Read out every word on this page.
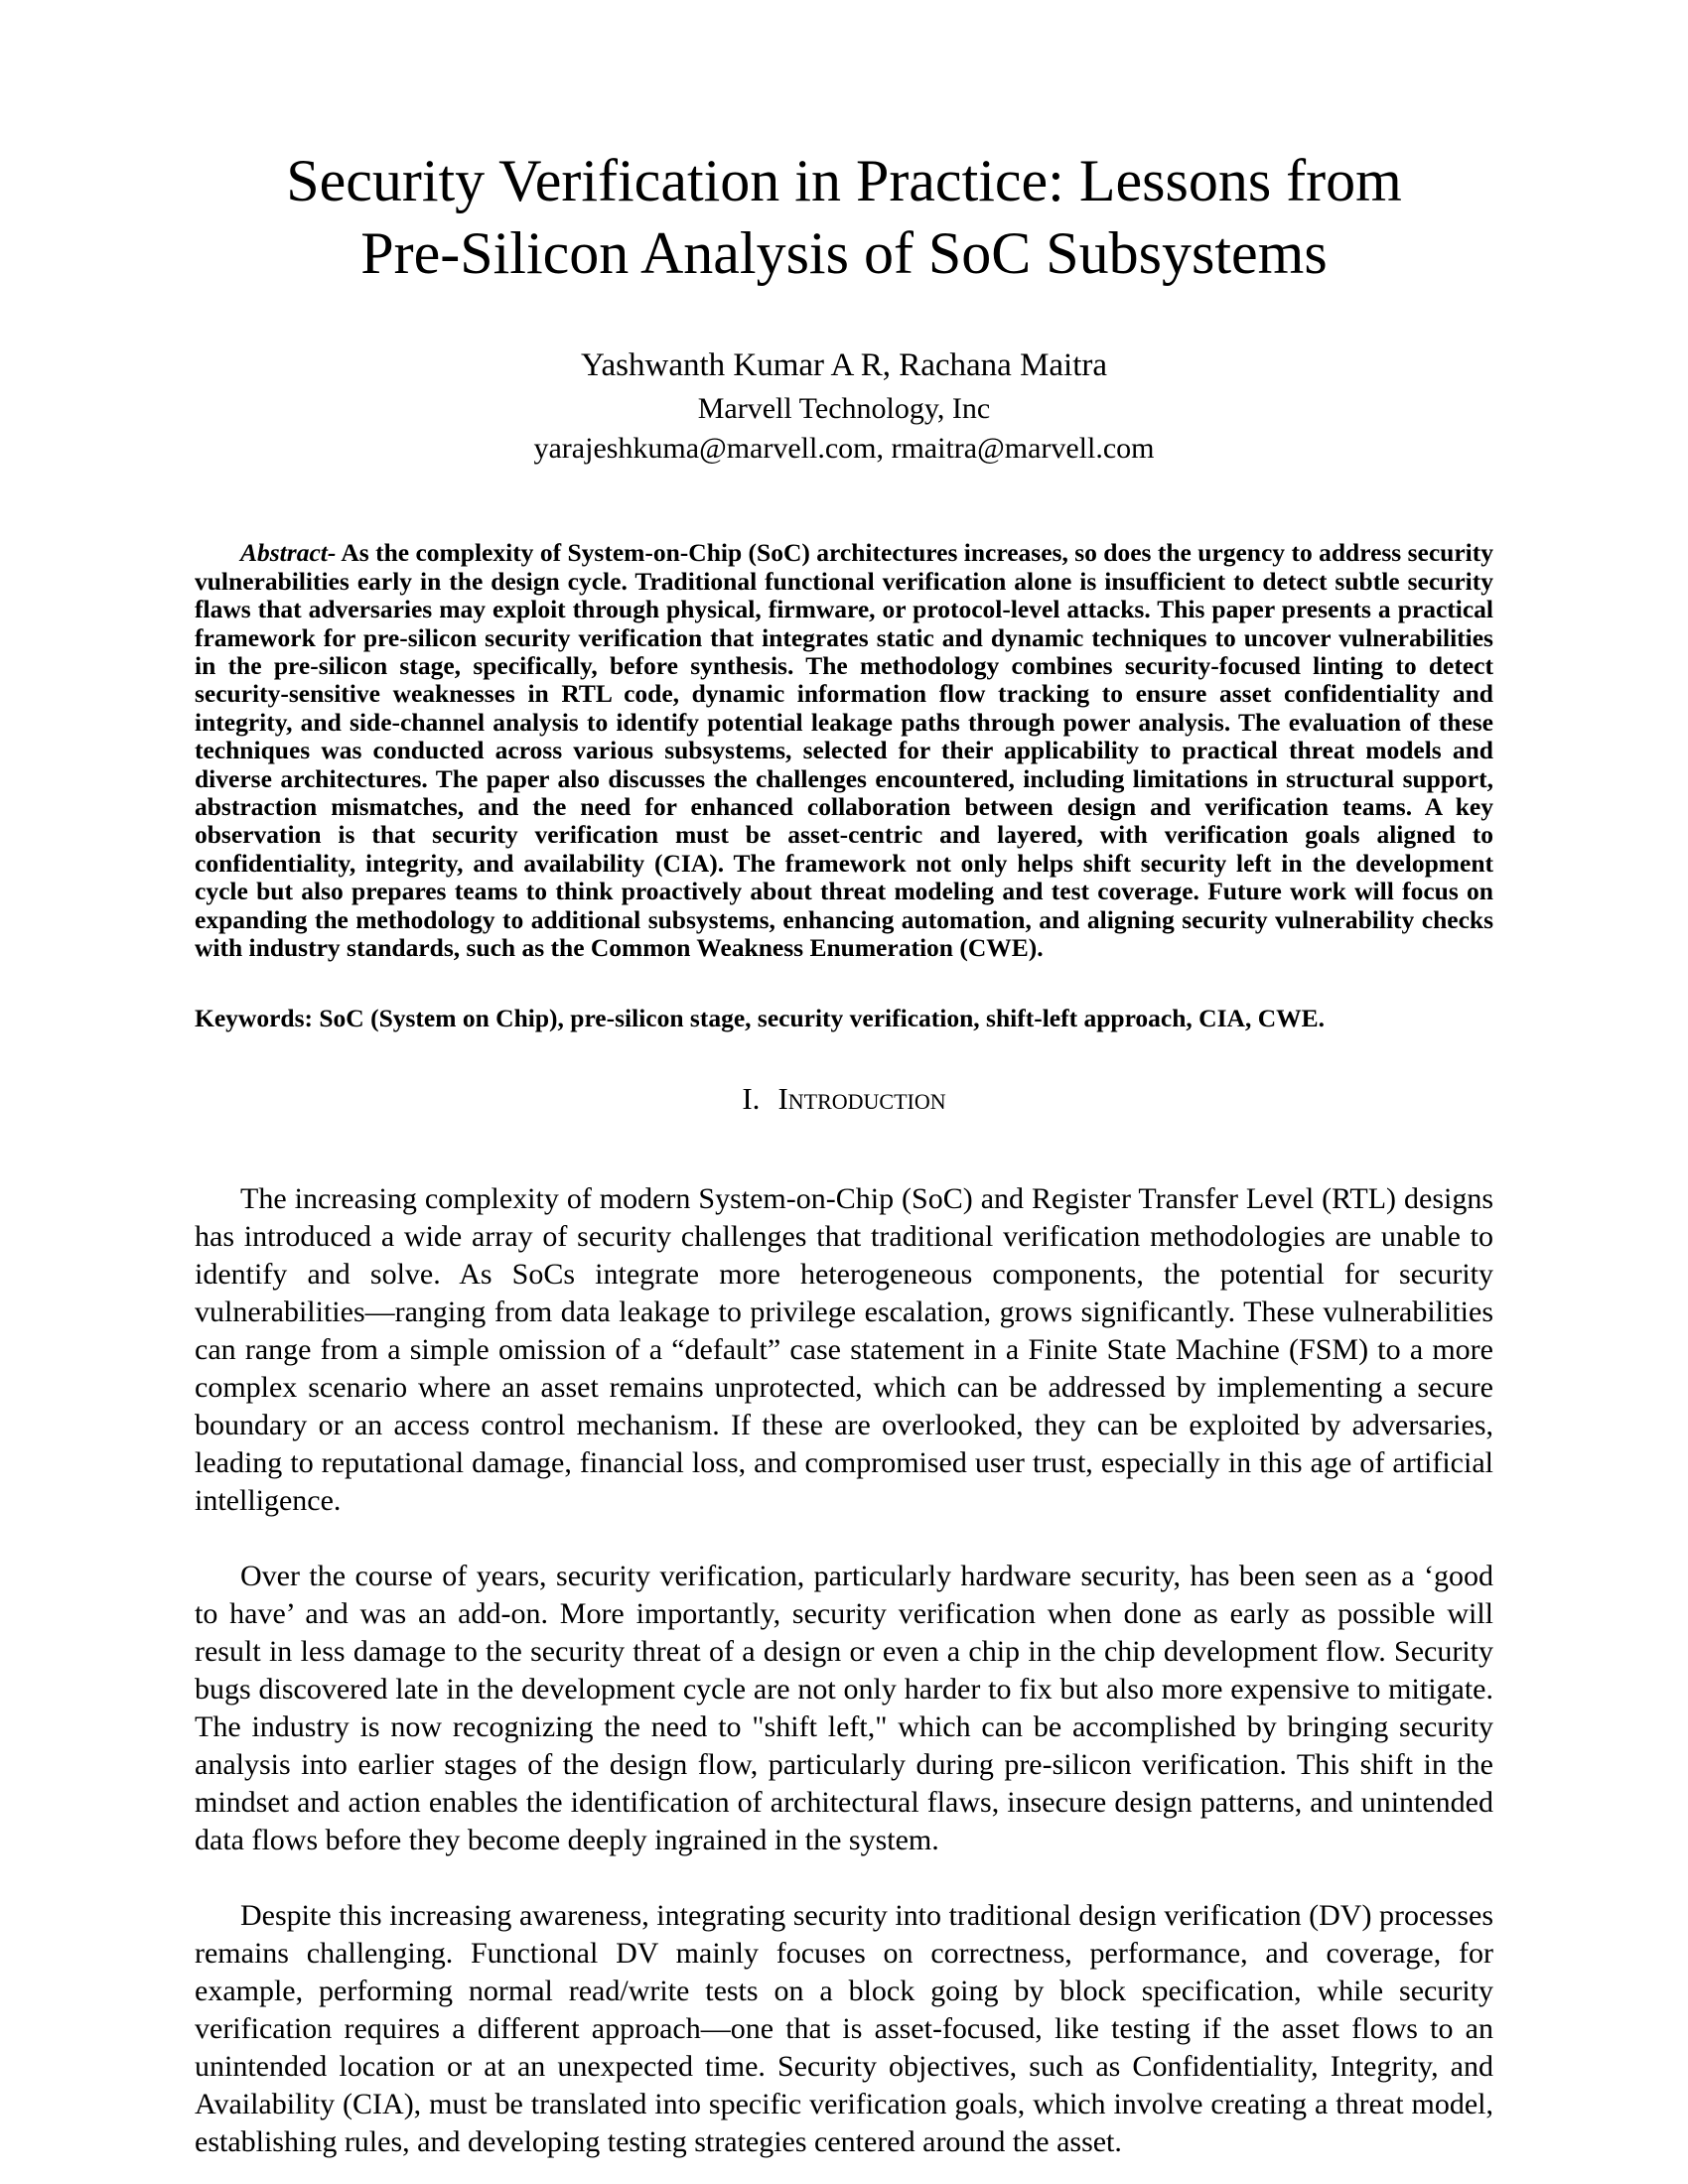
Security Verification in Practice: Lessons from
Pre-Silicon Analysis of SoC Subsystems

Yashwanth Kumar A R, Rachana Maitra

Marvell Technology, Inc

yarajeshkuma@marvell.com, rmaitra@marvell.com

Abstract- As the complexity of System-on-Chip (SoC) architectures increases, so does the urgency to address security vulnerabilities early in the design cycle. Traditional functional verification alone is insufficient to detect subtle security flaws that adversaries may exploit through physical, firmware, or protocol-level attacks. This paper presents a practical framework for pre-silicon security verification that integrates static and dynamic techniques to uncover vulnerabilities in the pre-silicon stage, specifically, before synthesis. The methodology combines security-focused linting to detect security-sensitive weaknesses in RTL code, dynamic information flow tracking to ensure asset confidentiality and integrity, and side-channel analysis to identify potential leakage paths through power analysis. The evaluation of these techniques was conducted across various subsystems, selected for their applicability to practical threat models and diverse architectures. The paper also discusses the challenges encountered, including limitations in structural support, abstraction mismatches, and the need for enhanced collaboration between design and verification teams. A key observation is that security verification must be asset-centric and layered, with verification goals aligned to confidentiality, integrity, and availability (CIA). The framework not only helps shift security left in the development cycle but also prepares teams to think proactively about threat modeling and test coverage. Future work will focus on expanding the methodology to additional subsystems, enhancing automation, and aligning security vulnerability checks with industry standards, such as the Common Weakness Enumeration (CWE).

Keywords: SoC (System on Chip), pre-silicon stage, security verification, shift-left approach, CIA, CWE.

I. Introduction

The increasing complexity of modern System-on-Chip (SoC) and Register Transfer Level (RTL) designs has introduced a wide array of security challenges that traditional verification methodologies are unable to identify and solve. As SoCs integrate more heterogeneous components, the potential for security vulnerabilities—ranging from data leakage to privilege escalation, grows significantly. These vulnerabilities can range from a simple omission of a “default” case statement in a Finite State Machine (FSM) to a more complex scenario where an asset remains unprotected, which can be addressed by implementing a secure boundary or an access control mechanism. If these are overlooked, they can be exploited by adversaries, leading to reputational damage, financial loss, and compromised user trust, especially in this age of artificial intelligence.

Over the course of years, security verification, particularly hardware security, has been seen as a ‘good to have’ and was an add-on. More importantly, security verification when done as early as possible will result in less damage to the security threat of a design or even a chip in the chip development flow. Security bugs discovered late in the development cycle are not only harder to fix but also more expensive to mitigate. The industry is now recognizing the need to "shift left," which can be accomplished by bringing security analysis into earlier stages of the design flow, particularly during pre-silicon verification. This shift in the mindset and action enables the identification of architectural flaws, insecure design patterns, and unintended data flows before they become deeply ingrained in the system.

Despite this increasing awareness, integrating security into traditional design verification (DV) processes remains challenging. Functional DV mainly focuses on correctness, performance, and coverage, for example, performing normal read/write tests on a block going by block specification, while security verification requires a different approach—one that is asset-focused, like testing if the asset flows to an unintended location or at an unexpected time. Security objectives, such as Confidentiality, Integrity, and Availability (CIA), must be translated into specific verification goals, which involve creating a threat model, establishing rules, and developing testing strategies centered around the asset.
